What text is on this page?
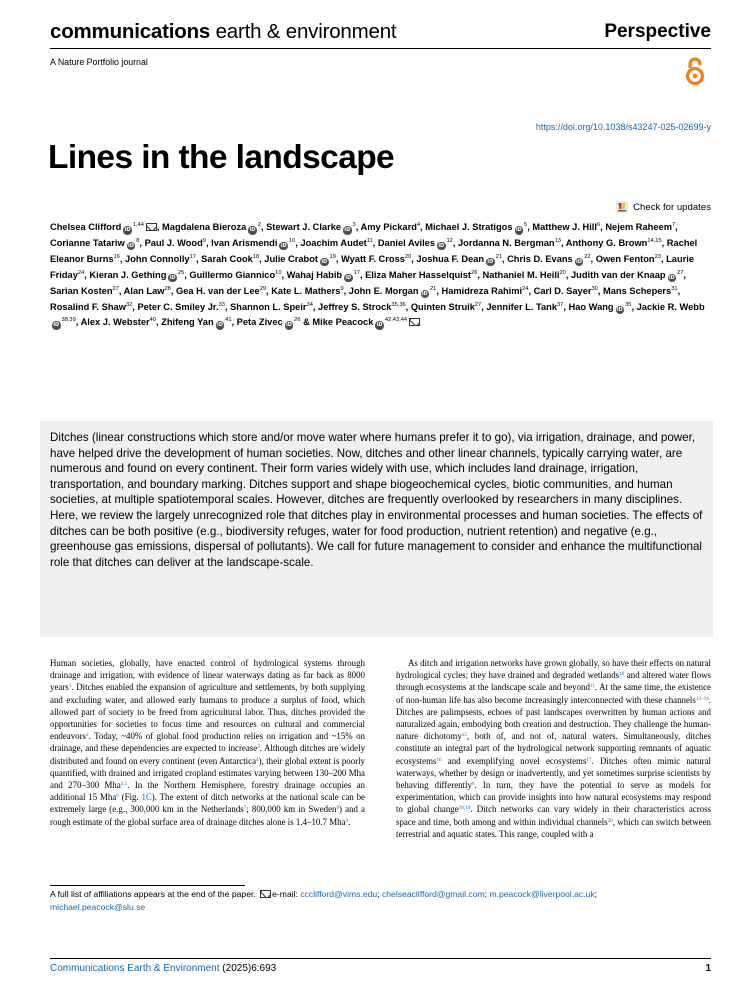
communications earth & environment	Perspective
A Nature Portfolio journal
https://doi.org/10.1038/s43247-025-02699-y
Lines in the landscape
Check for updates
Chelsea Clifford iD$^{1,44}$ , Magdalena Bieroza $iD^2$, Stewart J. Clarke $iD^3$, Amy Pickard$^4$, Michael J. Stratigos $iD^5$, Matthew J. Hill$^6$, Nejem Raheem$^7$, Corianne Tatariw $iD^8$, Paul J. Wood$^9$, Ivan Arismendi $iD^{10}$, Joachim Audet$^{11}$, Daniel Aviles $iD^{12}$, Jordanna N. Bergman$^{13}$, Anthony G. Brown$^{14,15}$, Rachel Eleanor Burns$^{16}$, John Connolly$^{17}$, Sarah Cook$^{18}$, Julie Crabot $iD^{19}$, Wyatt F. Cross$^{20}$, Joshua F. Dean $iD^{21}$, Chris D. Evans $iD^{22}$, Owen Fenton$^{23}$, Laurie Friday$^{24}$, Kieran J. Gething $iD^{25}$, Guillermo Giannico$^{10}$, Wahaj Habib $iD^{17}$, Eliza Maher Hasselquist$^{26}$, Nathaniel M. Heili$^{20}$, Judith van der Knaap $iD^{27}$, Sarian Kosten$^{27}$, Alan Law$^{28}$, Gea H. van der Lee$^{29}$, Kate L. Mathers$^9$, John E. Morgan $iD^{21}$, Hamidreza Rahimi$^{24}$, Carl D. Sayer$^{30}$, Mans Schepers$^{31}$, Rosalind F. Shaw$^{32}$, Peter C. Smiley Jr.$^{33}$, Shannon L. Speir$^{34}$, Jeffrey S. Strock$^{35,36}$, Quinten Struik$^{27}$, Jennifer L. Tank$^{37}$, Hao Wang $iD^{35}$, Jackie R. WebbiD$^{38,39}$, Alex J. Webster$^{40}$, Zhifeng Yan $iD^{41}$, Peta Zivec $iD^{26}$ & Mike Peacock iD$^{42,43,44}$

Ditches (linear constructions which store and/or move water where humans prefer it to go), via irrigation, drainage, and power, have helped drive the development of human societies. Now, ditches and other linear channels, typically carrying water, are numerous and found on every continent. Their form varies widely with use, which includes land drainage, irrigation, transportation, and boundary marking. Ditches support and shape biogeochemical cycles, biotic communities, and human societies, at multiple spatiotemporal scales. However, ditches are frequently overlooked by researchers in many disciplines. Here, we review the largely unrecognized role that ditches play in environmental processes and human societies. The effects of ditches can be both positive (e.g., biodiversity refuges, water for food production, nutrient retention) and negative (e.g., greenhouse gas emissions, dispersal of pollutants). We call for future management to consider and enhance the multifunctional role that ditches can deliver at the landscape-scale.

Human societies, globally, have enacted control of hydrological systems through drainage and irrigation, with evidence of linear waterways dating as far back as 8000 years$^1$. Ditches enabled the expansion of agriculture and settlements, by both supplying and excluding water, and allowed early humans to produce a surplus of food, which allowed part of society to be freed from agricultural labor. Thus, ditches provided the opportunities for societies to focus time and resources on cultural and commercial endeavors$^2$. Today, ~40% of global food production relies on irrigation and ~15% on drainage, and these dependencies are expected to increase$^3$. Although ditches are widely distributed and found on every continent (even Antarctica$^4$), their global extent is poorly quantified, with drained and irrigated cropland estimates varying between 130–200 Mha and 270–300 Mha$^{3,5}$. In the Northern Hemisphere, forestry drainage occupies an additional 15 Mha$^6$ (Fig. 1C). The extent of ditch networks at the national scale can be extremely large (e.g., 300,000 km in the Netherlands$^7$; 800,000 km in Sweden$^8$) and a rough estimate of the global surface area of drainage ditches alone is 1.4–10.7 Mha$^9$.
As ditch and irrigation networks have grown globally, so have their effects on natural hydrological cycles; they have drained and degraded wetlands$^{10}$ and altered water flows through ecosystems at the landscape scale and beyond$^{11}$. At the same time, the existence of non-human life has also become increasingly interconnected with these channels$^{12-14}$. Ditches are palimpsests, echoes of past landscapes overwritten by human actions and naturalized again, embodying both creation and destruction. They challenge the human-nature dichotomy$^{15}$, both of, and not of, natural waters. Simultaneously, ditches constitute an integral part of the hydrological network supporting remnants of aquatic ecosystems$^{16}$ and exemplifying novel ecosystems$^{17}$. Ditches often mimic natural waterways, whether by design or inadvertently, and yet sometimes surprise scientists by behaving differently$^6$. In turn, they have the potential to serve as models for experimentation, which can provide insights into how natural ecosystems may respond to global change$^{18,19}$. Ditch networks can vary widely in their characteristics across space and time, both among and within individual channels$^{20}$, which can switch between terrestrial and aquatic states. This range, coupled with a
A full list of affiliations appears at the end of the paper. e-mail: ccclifford@vims.edu; chelseaclifford@gmail.com; m.peacock@liverpool.ac.uk;
michael.peacock@slu.se
Communications Earth & Environment (2025)6:693	1
